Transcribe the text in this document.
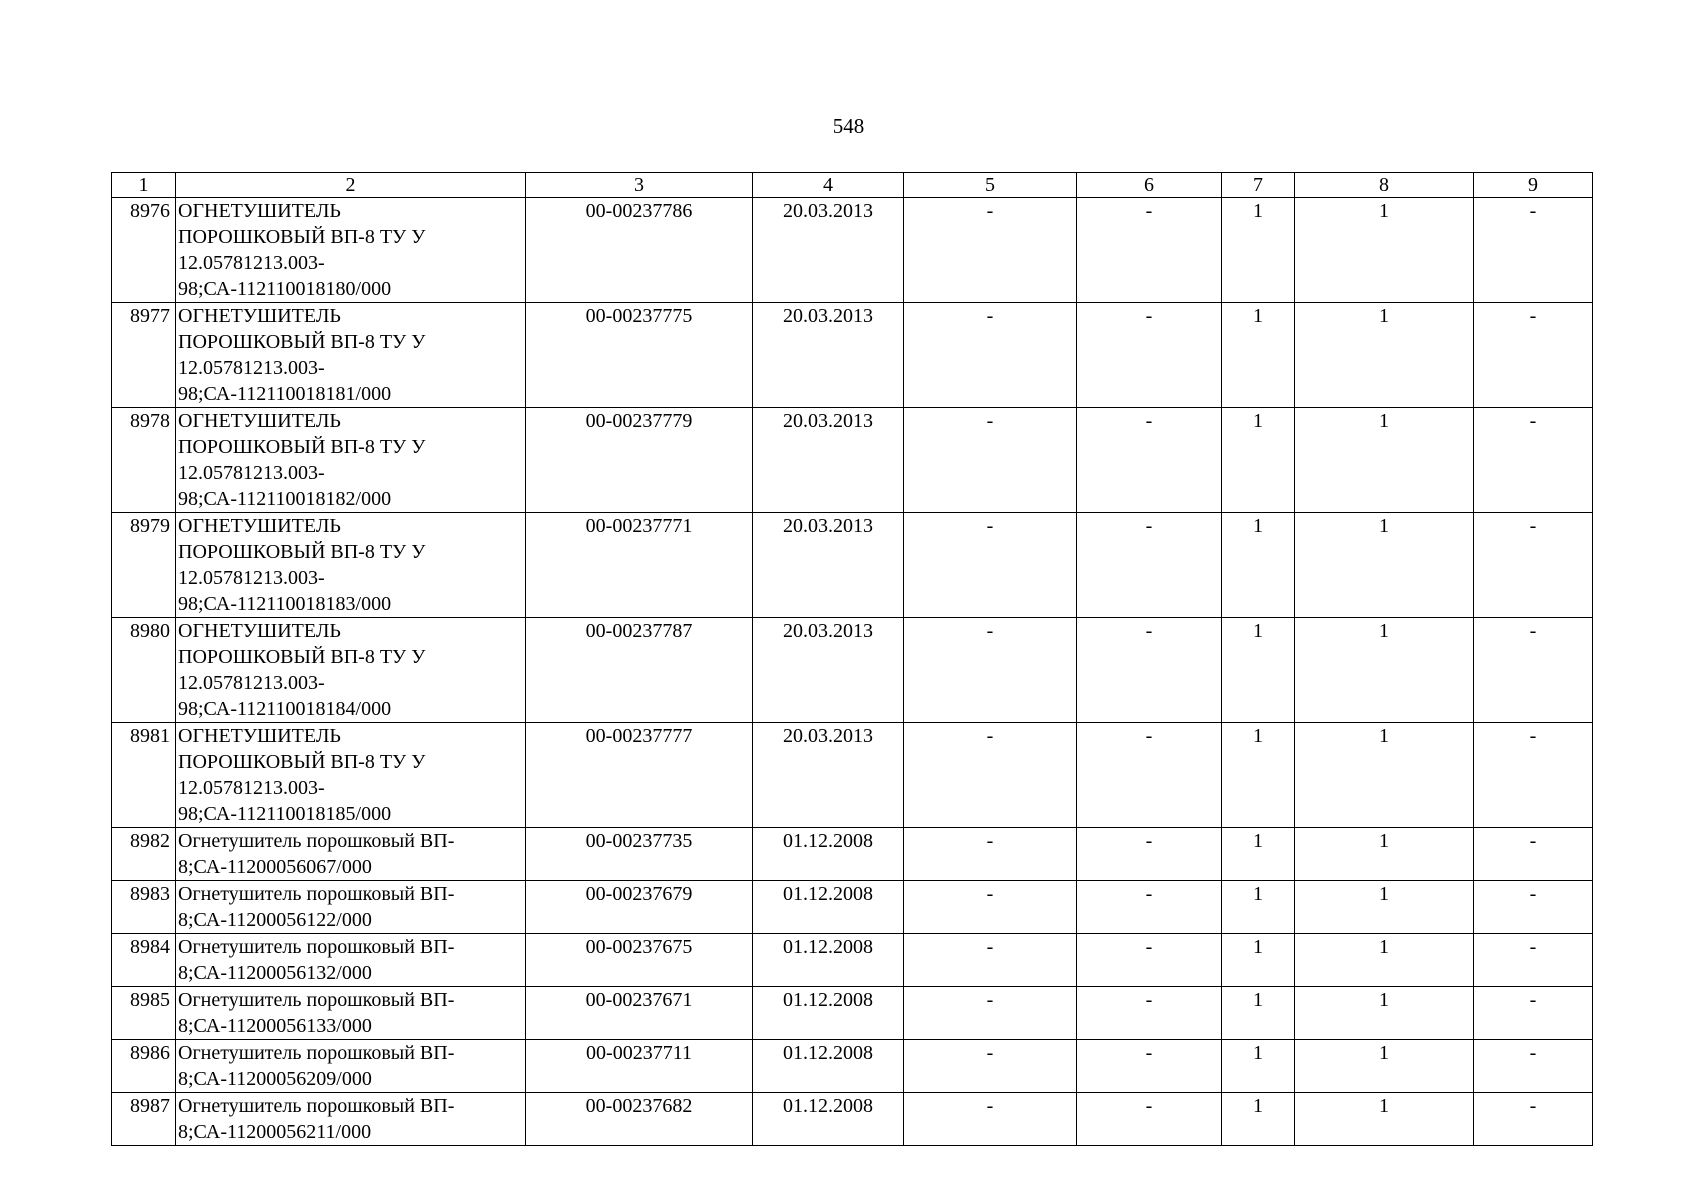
548
1	2	3	4	5	6	7	8	9
8976	ОГНЕТУШИТЕЛЬ
ПОРОШКОВЫЙ ВП-8 ТУ У
12.05781213.003-
98;СА-112110018180/000	00-00237786	20.03.2013	-	-	1	1	-
8977	ОГНЕТУШИТЕЛЬ
ПОРОШКОВЫЙ ВП-8 ТУ У
12.05781213.003-
98;СА-112110018181/000	00-00237775	20.03.2013	-	-	1	1	-
8978	ОГНЕТУШИТЕЛЬ
ПОРОШКОВЫЙ ВП-8 ТУ У
12.05781213.003-
98;СА-112110018182/000	00-00237779	20.03.2013	-	-	1	1	-
8979	ОГНЕТУШИТЕЛЬ
ПОРОШКОВЫЙ ВП-8 ТУ У
12.05781213.003-
98;СА-112110018183/000	00-00237771	20.03.2013	-	-	1	1	-
8980	ОГНЕТУШИТЕЛЬ
ПОРОШКОВЫЙ ВП-8 ТУ У
12.05781213.003-
98;СА-112110018184/000	00-00237787	20.03.2013	-	-	1	1	-
8981	ОГНЕТУШИТЕЛЬ
ПОРОШКОВЫЙ ВП-8 ТУ У
12.05781213.003-
98;СА-112110018185/000	00-00237777	20.03.2013	-	-	1	1	-
8982	Огнетушитель порошковый ВП-
8;СА-11200056067/000	00-00237735	01.12.2008	-	-	1	1	-
8983	Огнетушитель порошковый ВП-
8;СА-11200056122/000	00-00237679	01.12.2008	-	-	1	1	-
8984	Огнетушитель порошковый ВП-
8;СА-11200056132/000	00-00237675	01.12.2008	-	-	1	1	-
8985	Огнетушитель порошковый ВП-
8;СА-11200056133/000	00-00237671	01.12.2008	-	-	1	1	-
8986	Огнетушитель порошковый ВП-
8;СА-11200056209/000	00-00237711	01.12.2008	-	-	1	1	-
8987	Огнетушитель порошковый ВП-
8;СА-11200056211/000	00-00237682	01.12.2008	-	-	1	1	-
